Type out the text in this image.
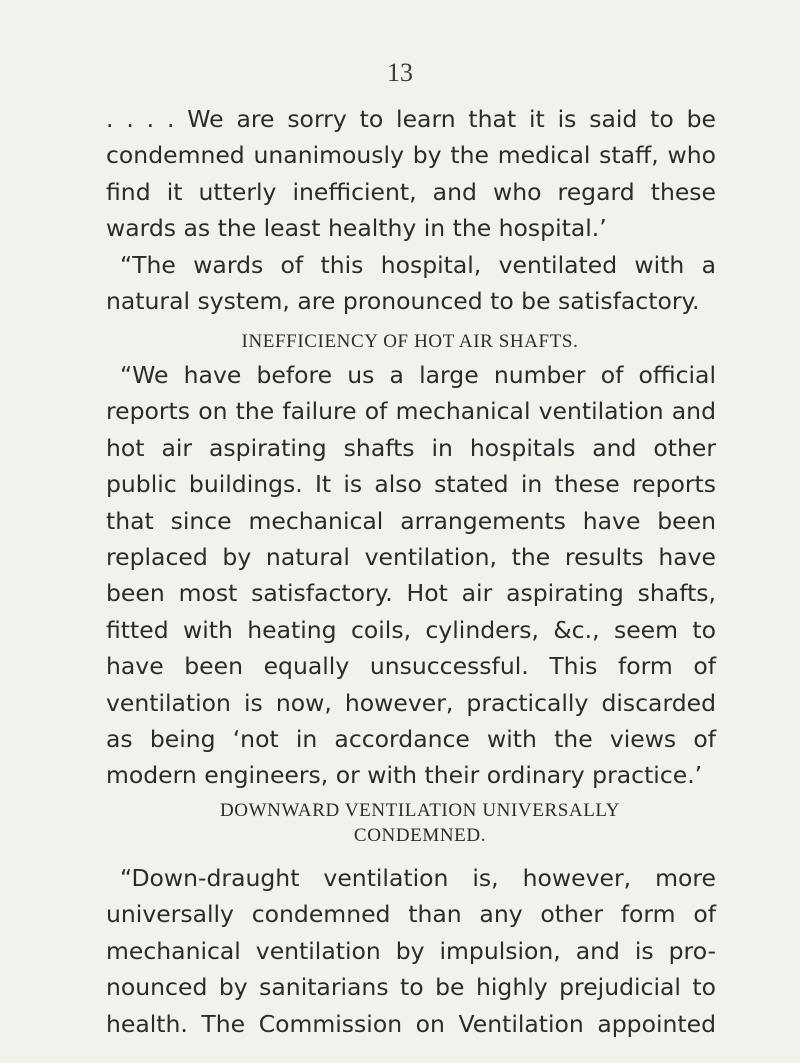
13
. . . . We are sorry to learn that it is said to be
condemned unanimously by the medical staff, who
find it utterly inefficient, and who regard these
wards as the least healthy in the hospital.’
“The wards of this hospital, ventilated with a
natural system, are pronounced to be satisfactory.
INEFFICIENCY OF HOT AIR SHAFTS.
“We have before us a large number of official
reports on the failure of mechanical ventilation and
hot air aspirating shafts in hospitals and other
public buildings. It is also stated in these reports
that since mechanical arrangements have been
replaced by natural ventilation, the results have
been most satisfactory. Hot air aspirating shafts,
fitted with heating coils, cylinders, &c., seem to
have been equally unsuccessful. This form of
ventilation is now, however, practically discarded
as being ‘not in accordance with the views of
modern engineers, or with their ordinary practice.’
DOWNWARD VENTILATION UNIVERSALLY
CONDEMNED.
“Down-draught ventilation is, however, more
universally condemned than any other form of
mechanical ventilation by impulsion, and is pro-
nounced by sanitarians to be highly prejudicial to
health. The Commission on Ventilation appointed
